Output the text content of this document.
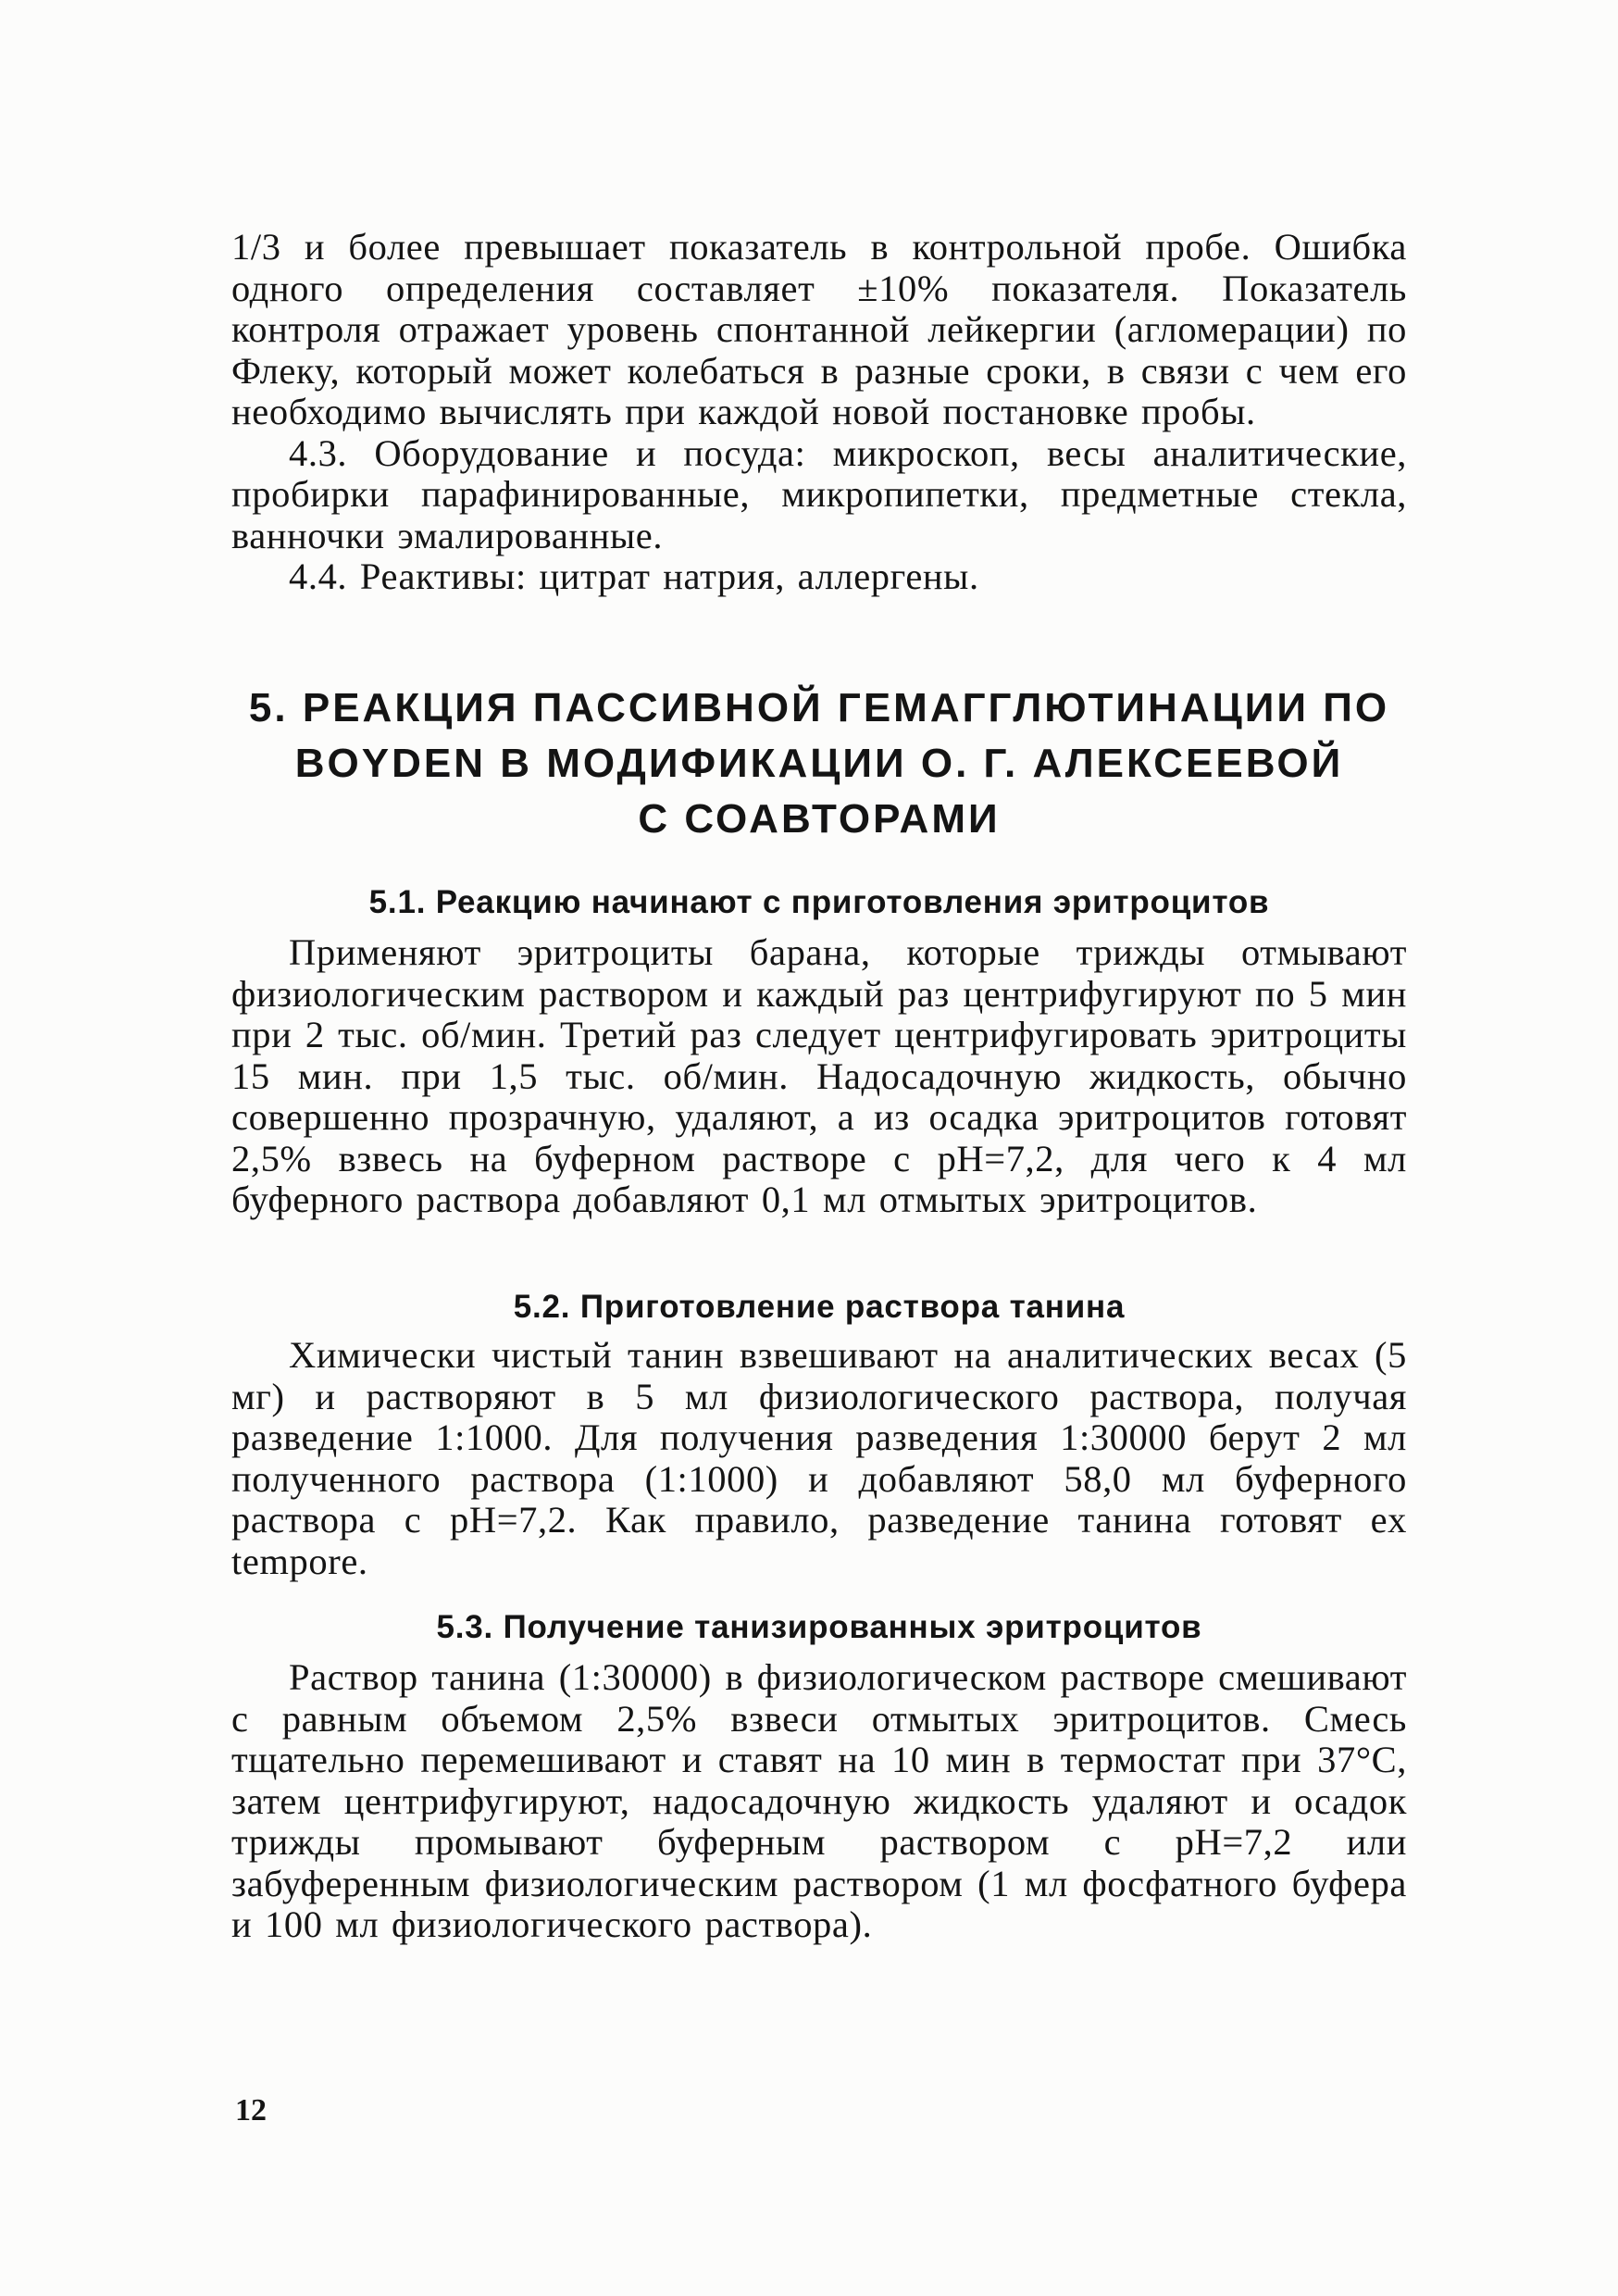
1/3 и более превышает показатель в контрольной пробе. Ошибка одного определения составляет ±10% показателя. Показатель контроля отражает уровень спонтанной лейкергии (агломерации) по Флеку, который может колебаться в разные сроки, в связи с чем его необходимо вычислять при каждой новой постановке пробы.

4.3. Оборудование и посуда: микроскоп, весы аналитические, пробирки парафинированные, микропипетки, предметные стекла, ванночки эмалированные.

4.4. Реактивы: цитрат натрия, аллергены.

5. РЕАКЦИЯ ПАССИВНОЙ ГЕМАГГЛЮТИНАЦИИ ПО
BOYDEN В МОДИФИКАЦИИ О. Г. АЛЕКСЕЕВОЙ
С СОАВТОРАМИ
5.1. Реакцию начинают с приготовления эритроцитов

Применяют эритроциты барана, которые трижды отмывают физиологическим раствором и каждый раз центрифугируют по 5 мин при 2 тыс. об/мин. Третий раз следует центрифугировать эритроциты 15 мин. при 1,5 тыс. об/мин. Надосадочную жидкость, обычно совершенно прозрачную, удаляют, а из осадка эритроцитов готовят 2,5% взвесь на буферном растворе с pH=7,2, для чего к 4 мл буферного раствора добавляют 0,1 мл отмытых эритроцитов.

5.2. Приготовление раствора танина

Химически чистый танин взвешивают на аналитических весах (5 мг) и растворяют в 5 мл физиологического раствора, получая разведение 1:1000. Для получения разведения 1:30000 берут 2 мл полученного раствора (1:1000) и добавляют 58,0 мл буферного раствора с pH=7,2. Как правило, разведение танина готовят ex tempore.

5.3. Получение танизированных эритроцитов

Раствор танина (1:30000) в физиологическом растворе смешивают с равным объемом 2,5% взвеси отмытых эритроцитов. Смесь тщательно перемешивают и ставят на 10 мин в термостат при 37°С, затем центрифугируют, надосадочную жидкость удаляют и осадок трижды промывают буферным раствором с pH=7,2 или забуференным физиологическим раствором (1 мл фосфатного буфера и 100 мл физиологического раствора).

12
